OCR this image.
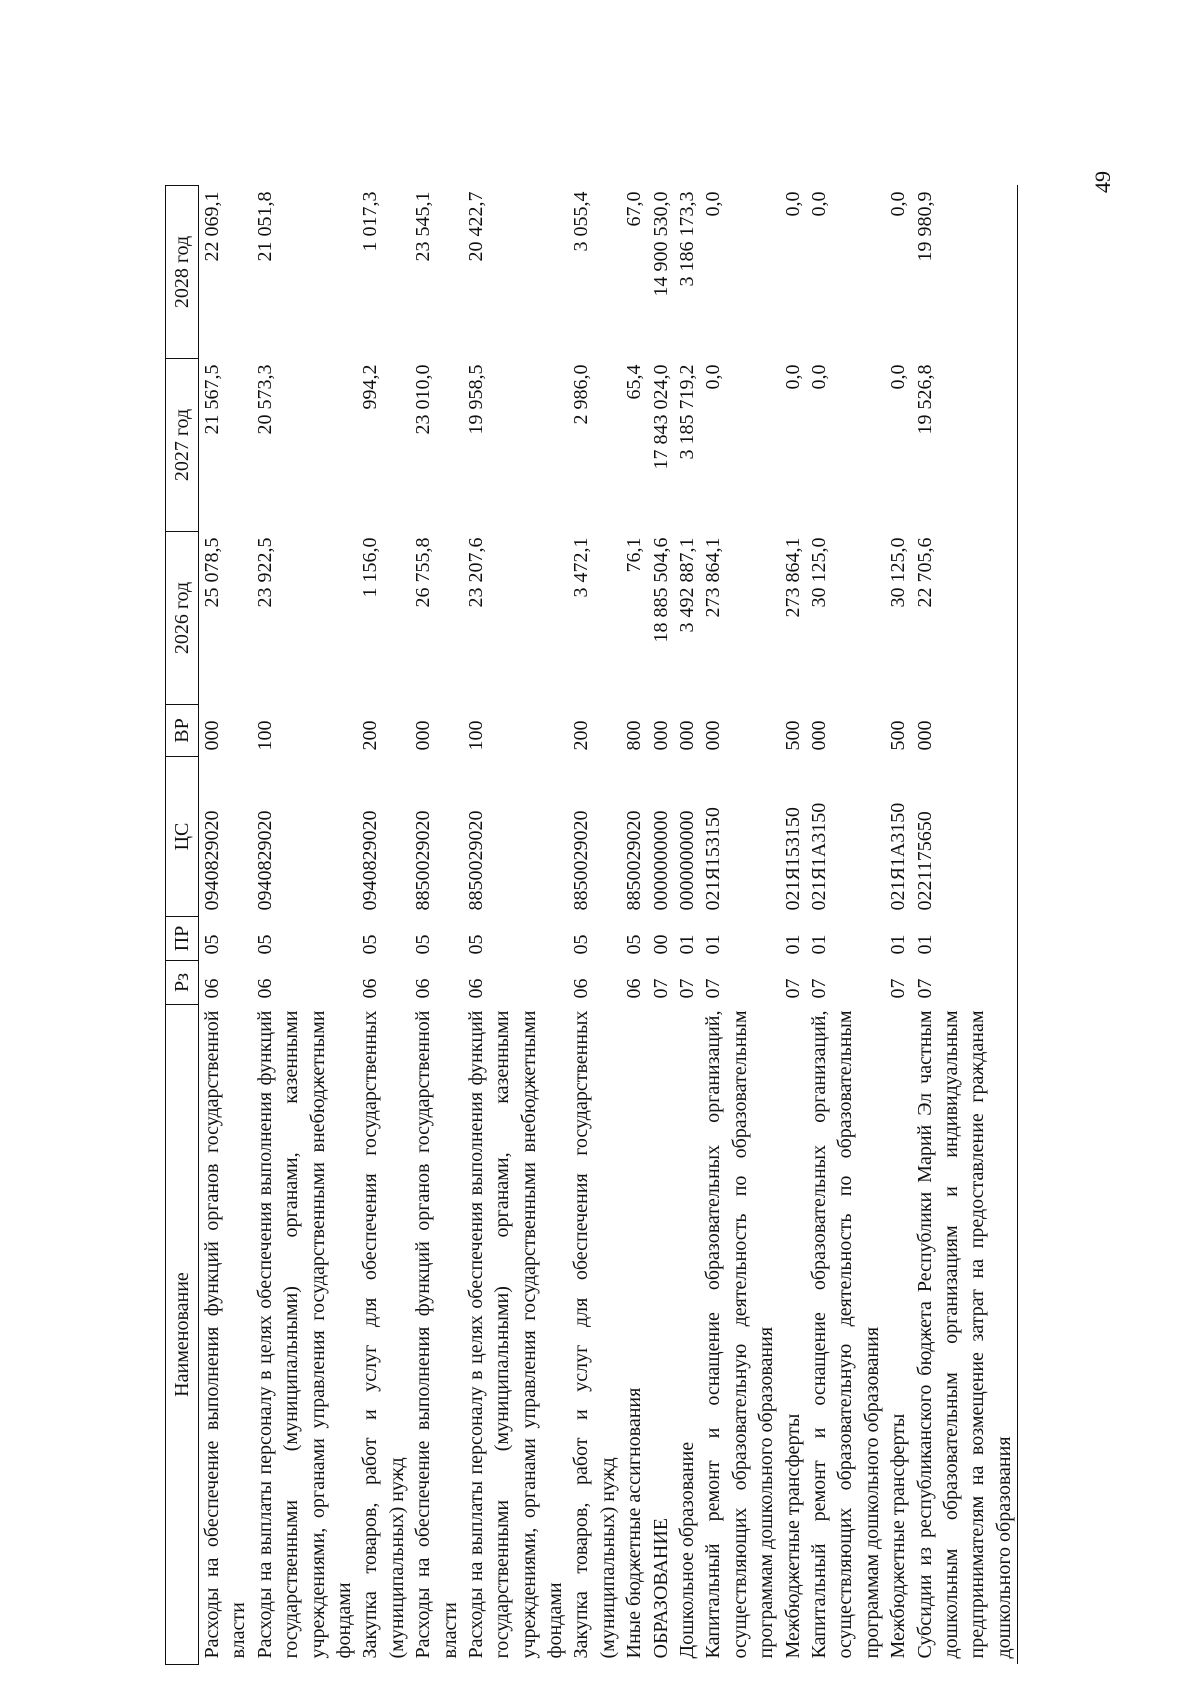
49
Наименование	Рз	ПР	ЦС	ВР	2026 год	2027 год	2028 год
Расходы на обеспечение выполнения функций органов государственной власти	06	05	0940829020	000	25 078,5	21 567,5	22 069,1
Расходы на выплаты персоналу в целях обеспечения выполнения функций государственными (муниципальными) органами, казенными учреждениями, органами управления государственными внебюджетными фондами	06	05	0940829020	100	23 922,5	20 573,3	21 051,8
Закупка товаров, работ и услуг для обеспечения государственных (муниципальных) нужд	06	05	0940829020	200	1 156,0	994,2	1 017,3
Расходы на обеспечение выполнения функций органов государственной власти	06	05	8850029020	000	26 755,8	23 010,0	23 545,1
Расходы на выплаты персоналу в целях обеспечения выполнения функций государственными (муниципальными) органами, казенными учреждениями, органами управления государственными внебюджетными фондами	06	05	8850029020	100	23 207,6	19 958,5	20 422,7
Закупка товаров, работ и услуг для обеспечения государственных (муниципальных) нужд	06	05	8850029020	200	3 472,1	2 986,0	3 055,4
Иные бюджетные ассигнования	06	05	8850029020	800	76,1	65,4	67,0
ОБРАЗОВАНИЕ	07	00	0000000000	000	18 885 504,6	17 843 024,0	14 900 530,0
Дошкольное образование	07	01	0000000000	000	3 492 887,1	3 185 719,2	3 186 173,3
Капитальный ремонт и оснащение образовательных организаций, осуществляющих образовательную деятельность по образовательным программам дошкольного образования	07	01	021Я153150	000	273 864,1	0,0	0,0
Межбюджетные трансферты	07	01	021Я153150	500	273 864,1	0,0	0,0
Капитальный ремонт и оснащение образовательных организаций, осуществляющих образовательную деятельность по образовательным программам дошкольного образования	07	01	021Я1А3150	000	30 125,0	0,0	0,0
Межбюджетные трансферты	07	01	021Я1А3150	500	30 125,0	0,0	0,0
Субсидии из республиканского бюджета Республики Марий Эл частным дошкольным образовательным организациям и индивидуальным предпринимателям на возмещение затрат на предоставление гражданам дошкольного образования	07	01	0221175650	000	22 705,6	19 526,8	19 980,9
